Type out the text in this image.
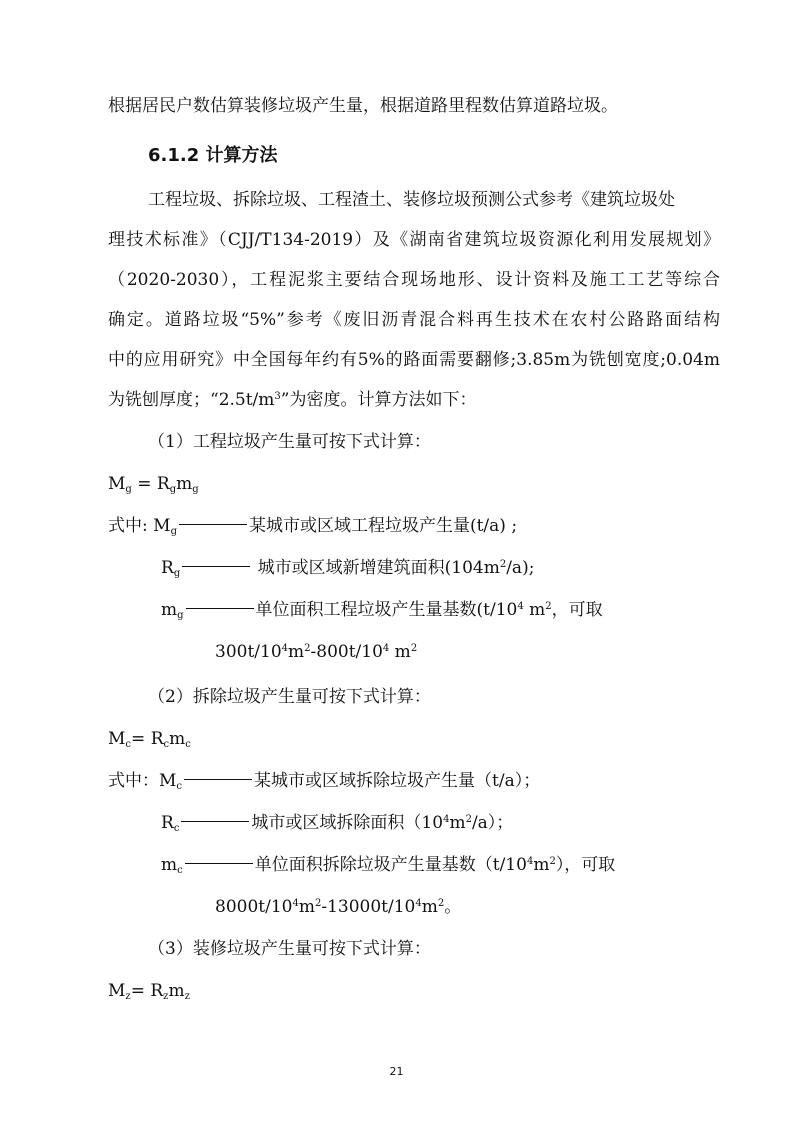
根据居民户数估算装修垃圾产生量，根据道路里程数估算道路垃圾。
6.1.2 计算方法
工程垃圾、拆除垃圾、工程渣土、装修垃圾预测公式参考《建筑垃圾处
理技术标准》（CJJ/T134-2019）及《湖南省建筑垃圾资源化利用发展规划》
（2020-2030），工程泥浆主要结合现场地形、设计资料及施工工艺等综合
确定。道路垃圾“5%”参考《废旧沥青混合料再生技术在农村公路路面结构
中的应用研究》中全国每年约有5%的路面需要翻修;3.85m为铣刨宽度;0.04m
为铣刨厚度；“$2.5t/m^3$”为密度。计算方法如下：
（1）工程垃圾产生量可按下式计算：
$M_g = R_gm_g$
式中: $M_g$	某城市或区域工程垃圾产生量(t/a) ;
$R_g$	城市或区域新增建筑面积$(104m^2/a)$;
$m_g$	单位面积工程垃圾产生量基数($t/10^4$ $m^2$，可取
$300t/10^4m^2-800t/10^4$ $m^2$
（2）拆除垃圾产生量可按下式计算：
$M_c= R_cm_c$
式中：$M_c$	某城市或区域拆除垃圾产生量（t/a）；
$R_c$	城市或区域拆除面积$(10^4m^2/a)$；
$m_c$	单位面积拆除垃圾产生量基数$(t/10^4m^2)$，可取
$8000t/10^4m^2-13000t/10^4m^2$。
（3）装修垃圾产生量可按下式计算：
$M_z= R_zm_z$
21
